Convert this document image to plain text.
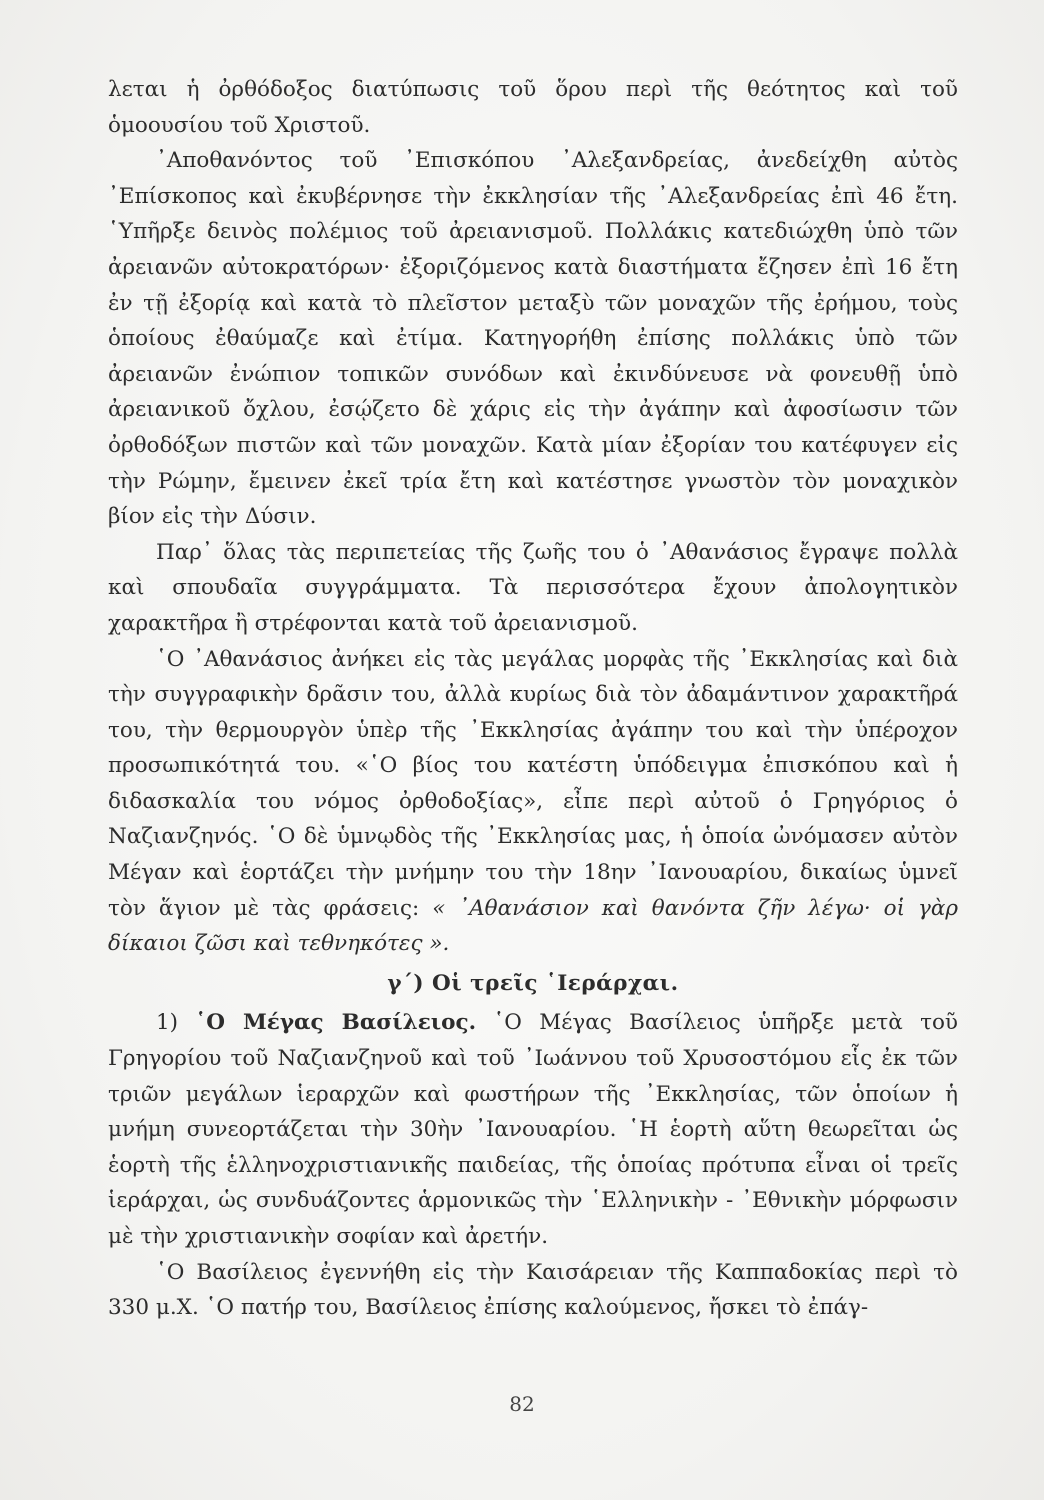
λεται ἡ ὀρθόδοξος διατύπωσις τοῦ ὅρου περὶ τῆς θεότητος καὶ τοῦ ὁμοουσίου τοῦ Χριστοῦ.

᾿Αποθανόντος τοῦ ᾿Επισκόπου ᾿Αλεξανδρείας, ἀνεδείχθη αὐτὸς ᾿Επίσκοπος καὶ ἐκυβέρνησε τὴν ἐκκλησίαν τῆς ᾿Αλεξανδρείας ἐπὶ 46 ἔτη. ῾Υπῆρξε δεινὸς πολέμιος τοῦ ἀρειανισμοῦ. Πολλάκις κατεδιώχθη ὑπὸ τῶν ἀρειανῶν αὐτοκρατόρων· ἐξοριζόμενος κατὰ διαστήματα ἔζησεν ἐπὶ 16 ἔτη ἐν τῇ ἐξορίᾳ καὶ κατὰ τὸ πλεῖστον μεταξὺ τῶν μοναχῶν τῆς ἐρήμου, τοὺς ὁποίους ἐθαύμαζε καὶ ἐτίμα. Κατηγορήθη ἐπίσης πολλάκις ὑπὸ τῶν ἀρειανῶν ἐνώπιον τοπικῶν συνόδων καὶ ἐκινδύνευσε νὰ φονευθῇ ὑπὸ ἀρειανικοῦ ὄχλου, ἐσῴζετο δὲ χάρις εἰς τὴν ἀγάπην καὶ ἀφοσίωσιν τῶν ὀρθοδόξων πιστῶν καὶ τῶν μοναχῶν. Κατὰ μίαν ἐξορίαν του κατέφυγεν εἰς τὴν Ρώμην, ἔμεινεν ἐκεῖ τρία ἔτη καὶ κατέστησε γνωστὸν τὸν μοναχικὸν βίον εἰς τὴν Δύσιν.

Παρ᾿ ὅλας τὰς περιπετείας τῆς ζωῆς του ὁ ᾿Αθανάσιος ἔγραψε πολλὰ καὶ σπουδαῖα συγγράμματα. Τὰ περισσότερα ἔχουν ἀπολογητικὸν χαρακτῆρα ἢ στρέφονται κατὰ τοῦ ἀρειανισμοῦ.

῾Ο ᾿Αθανάσιος ἀνήκει εἰς τὰς μεγάλας μορφὰς τῆς ᾿Εκκλησίας καὶ διὰ τὴν συγγραφικὴν δρᾶσιν του, ἀλλὰ κυρίως διὰ τὸν ἀδαμάντινον χαρακτῆρά του, τὴν θερμουργὸν ὑπὲρ τῆς ᾿Εκκλησίας ἀγάπην του καὶ τὴν ὑπέροχον προσωπικότητά του. «῾Ο βίος του κατέστη ὑπόδειγμα ἐπισκόπου καὶ ἡ διδασκαλία του νόμος ὀρθοδοξίας», εἶπε περὶ αὐτοῦ ὁ Γρηγόριος ὁ Ναζιανζηνός. ῾Ο δὲ ὑμνῳδὸς τῆς ᾿Εκκλησίας μας, ἡ ὁποία ὠνόμασεν αὐτὸν Μέγαν καὶ ἑορτάζει τὴν μνήμην του τὴν 18ην ᾿Ιανουαρίου, δικαίως ὑμνεῖ τὸν ἅγιον μὲ τὰς φράσεις: « ᾿Αθανάσιον καὶ θανόντα ζῆν λέγω· οἱ γὰρ δίκαιοι ζῶσι καὶ τεθνηκότες ».

γ΄) Οἱ τρεῖς ῾Ιεράρχαι.

1) ῾Ο Μέγας Βασίλειος. ῾Ο Μέγας Βασίλειος ὑπῆρξε μετὰ τοῦ Γρηγορίου τοῦ Ναζιανζηνοῦ καὶ τοῦ ᾿Ιωάννου τοῦ Χρυσοστόμου εἷς ἐκ τῶν τριῶν μεγάλων ἱεραρχῶν καὶ φωστήρων τῆς ᾿Εκκλησίας, τῶν ὁποίων ἡ μνήμη συνεορτάζεται τὴν 30ὴν ᾿Ιανουαρίου. ῾Η ἑορτὴ αὕτη θεωρεῖται ὡς ἑορτὴ τῆς ἑλληνοχριστιανικῆς παιδείας, τῆς ὁποίας πρότυπα εἶναι οἱ τρεῖς ἱεράρχαι, ὡς συνδυάζοντες ἁρμονικῶς τὴν ῾Ελληνικὴν - ᾿Εθνικὴν μόρφωσιν μὲ τὴν χριστιανικὴν σοφίαν καὶ ἀρετήν.

῾Ο Βασίλειος ἐγεννήθη εἰς τὴν Καισάρειαν τῆς Καππαδοκίας περὶ τὸ 330 μ.Χ. ῾Ο πατήρ του, Βασίλειος ἐπίσης καλούμενος, ἤσκει τὸ ἐπάγ-

82
